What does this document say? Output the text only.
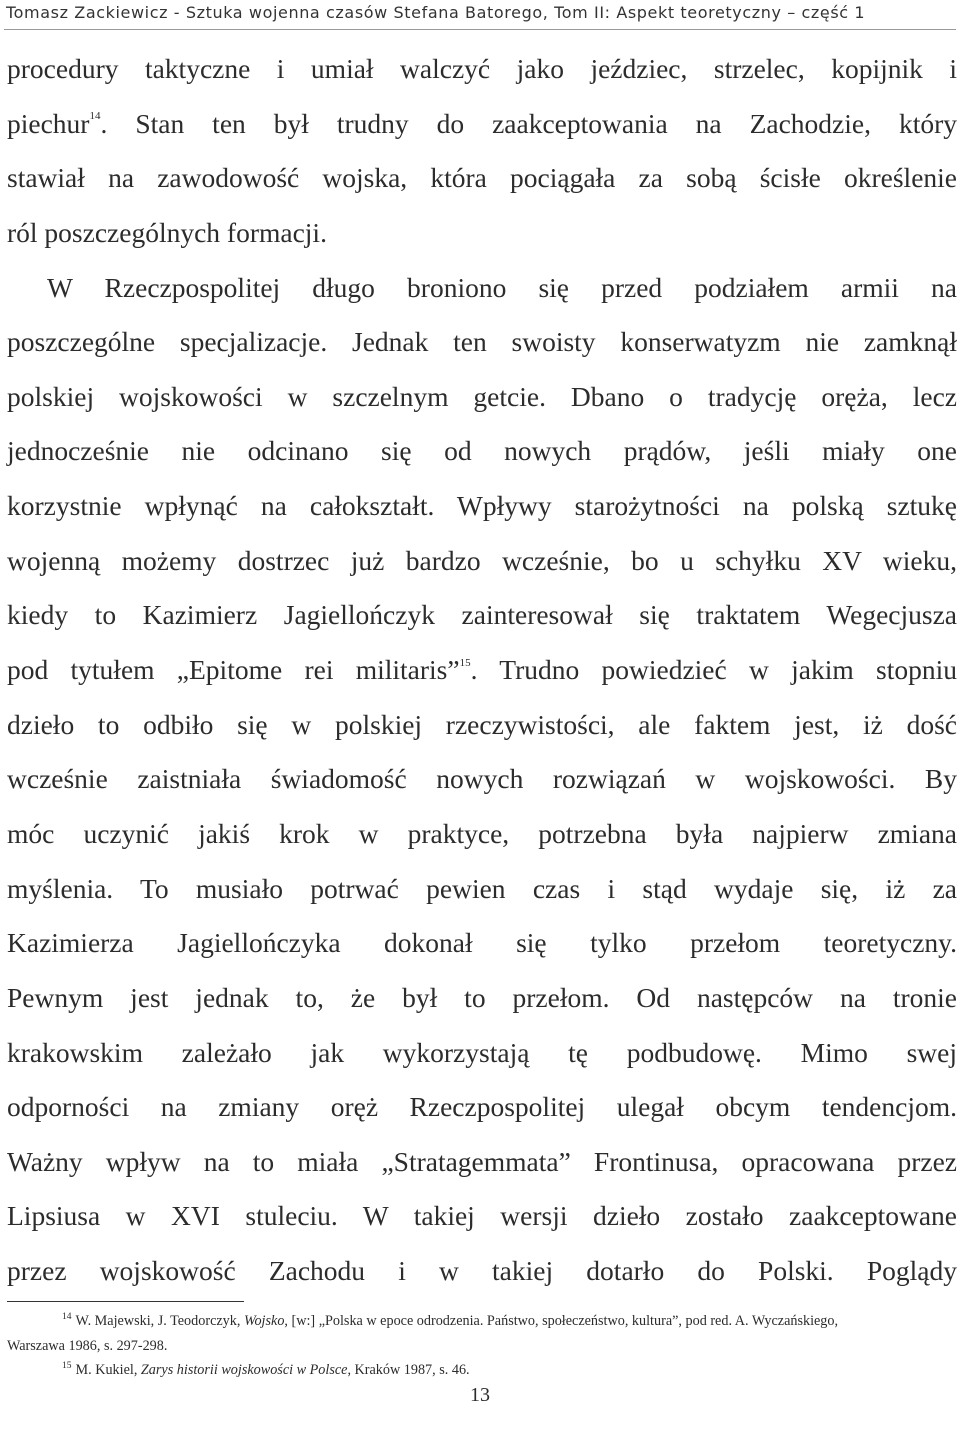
Tomasz Zackiewicz - Sztuka wojenna czasów Stefana Batorego, Tom II: Aspekt teoretyczny – część 1
procedury taktyczne i umiał walczyć jako jeździec, strzelec, kopijnik i
piechur$^{14}$. Stan ten był trudny do zaakceptowania na Zachodzie, który
stawiał na zawodowość wojska, która pociągała za sobą ścisłe określenie
ról poszczególnych formacji.
W Rzeczpospolitej długo broniono się przed podziałem armii na
poszczególne specjalizacje. Jednak ten swoisty konserwatyzm nie zamknął
polskiej wojskowości w szczelnym getcie. Dbano o tradycję oręża, lecz
jednocześnie nie odcinano się od nowych prądów, jeśli miały one
korzystnie wpłynąć na całokształt. Wpływy starożytności na polską sztukę
wojenną możemy dostrzec już bardzo wcześnie, bo u schyłku XV wieku,
kiedy to Kazimierz Jagiellończyk zainteresował się traktatem Wegecjusza
pod tytułem „Epitome rei militaris”$^{15}$. Trudno powiedzieć w jakim stopniu
dzieło to odbiło się w polskiej rzeczywistości, ale faktem jest, iż dość
wcześnie zaistniała świadomość nowych rozwiązań w wojskowości. By
móc uczynić jakiś krok w praktyce, potrzebna była najpierw zmiana
myślenia. To musiało potrwać pewien czas i stąd wydaje się, iż za
Kazimierza Jagiellończyka dokonał się tylko przełom teoretyczny.
Pewnym jest jednak to, że był to przełom. Od następców na tronie
krakowskim zależało jak wykorzystają tę podbudowę. Mimo swej
odporności na zmiany oręż Rzeczpospolitej ulegał obcym tendencjom.
Ważny wpływ na to miała „Stratagemmata” Frontinusa, opracowana przez
Lipsiusa w XVI stuleciu. W takiej wersji dzieło zostało zaakceptowane
przez wojskowość Zachodu i w takiej dotarło do Polski. Poglądy
$^{14}$ W. Majewski, J. Teodorczyk, Wojsko, [w:] „Polska w epoce odrodzenia. Państwo, społeczeństwo, kultura”, pod red. A. Wyczańskiego,
Warszawa 1986, s. 297-298.
$^{15}$ M. Kukiel, Zarys historii wojskowości w Polsce, Kraków 1987, s. 46.
13
